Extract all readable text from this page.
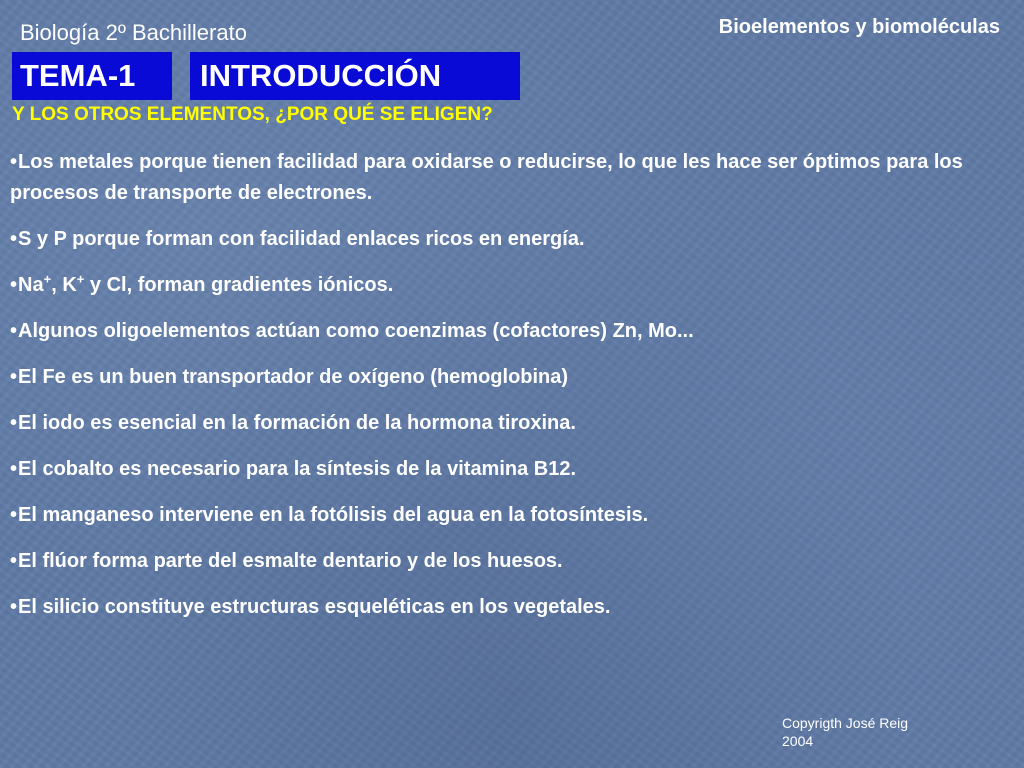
Biología 2º Bachillerato	Bioelementos y biomoléculas
TEMA-1	INTRODUCCIÓN
Y LOS OTROS ELEMENTOS, ¿POR QUÉ SE ELIGEN?
•Los metales porque tienen facilidad para oxidarse o reducirse, lo que les hace ser óptimos para los procesos de transporte de electrones.
•S y P porque forman con facilidad enlaces ricos en energía.
•Na+, K+ y Cl, forman gradientes iónicos.
•Algunos oligoelementos actúan como coenzimas (cofactores) Zn, Mo...
•El Fe es un buen transportador de oxígeno (hemoglobina)
•El iodo es esencial en la formación de la hormona tiroxina.
•El cobalto es necesario para la síntesis de la vitamina B12.
•El manganeso interviene en la fotólisis del agua en la fotosíntesis.
•El flúor forma parte del esmalte dentario y de los huesos.
•El silicio constituye estructuras esqueléticas en los vegetales.
Copyrigth José Reig
2004
